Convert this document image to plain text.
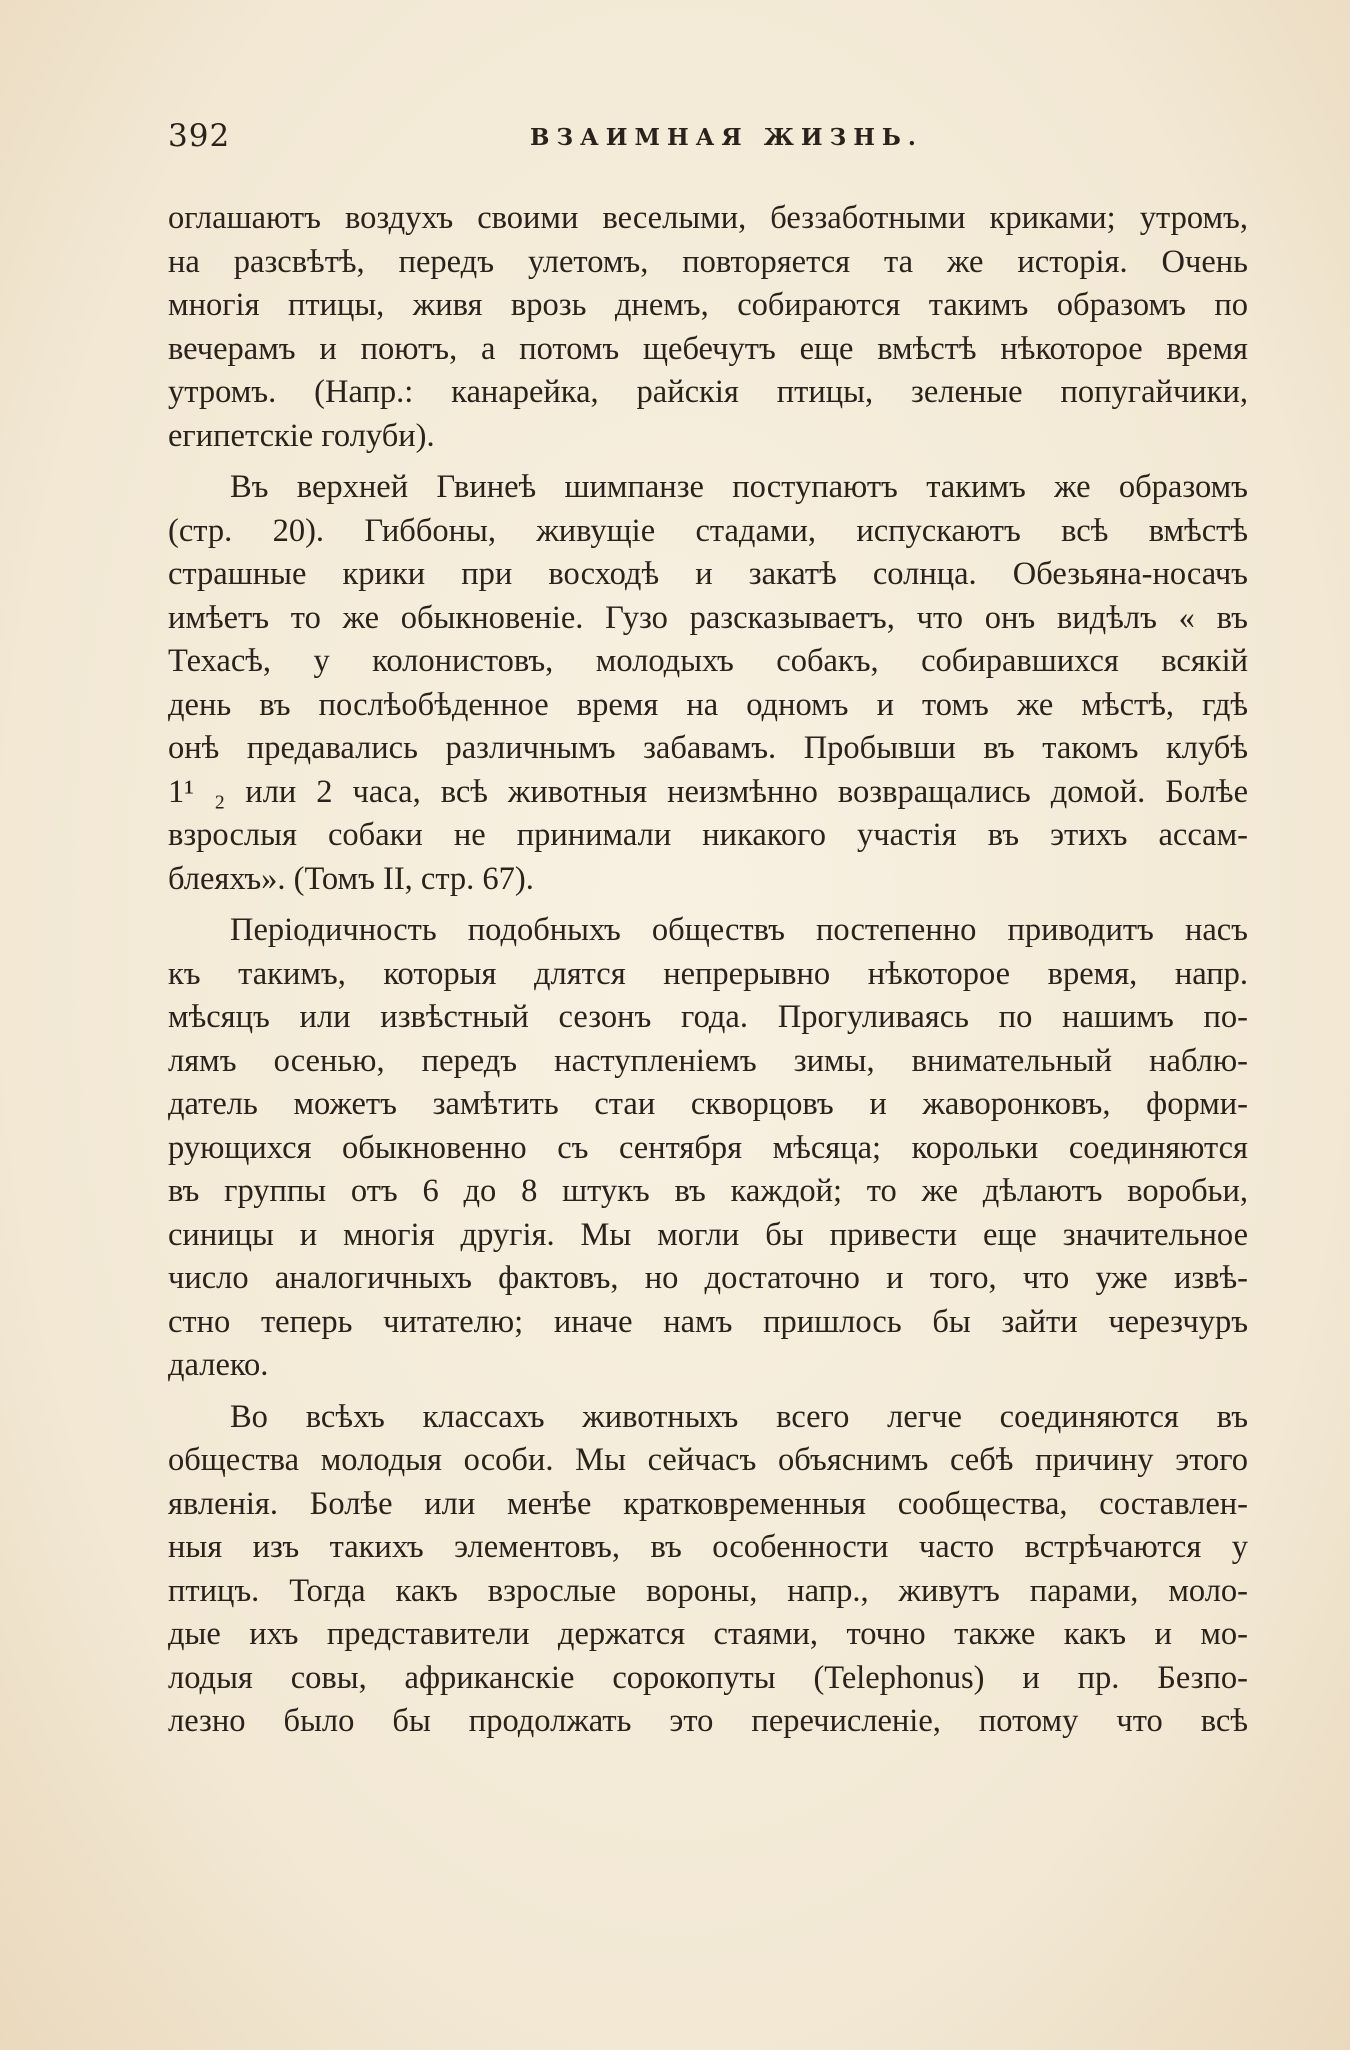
392	ВЗАИМНАЯ ЖИЗНЬ.
оглашаютъ воздухъ своими веселыми, беззаботными криками; утромъ,
на разсвѣтѣ, передъ улетомъ, повторяется та же исторія. Очень
многія птицы, живя врозь днемъ, собираются такимъ образомъ по
вечерамъ и поютъ, а потомъ щебечутъ еще вмѣстѣ нѣкоторое время
утромъ. (Напр.: канарейка, райскія птицы, зеленые попугайчики,
египетскіе голуби).
Въ верхней Гвинеѣ шимпанзе поступаютъ такимъ же образомъ
(стр. 20). Гиббоны, живущіе стадами, испускаютъ всѣ вмѣстѣ
страшные крики при восходѣ и закатѣ солнца. Обезьяна-носачъ
имѣетъ то же обыкновеніе. Гузо разсказываетъ, что онъ видѣлъ « въ
Техасѣ, у колонистовъ, молодыхъ собакъ, собиравшихся всякій
день въ послѣобѣденное время на одномъ и томъ же мѣстѣ, гдѣ
онѣ предавались различнымъ забавамъ. Пробывши въ такомъ клубѣ
1¹ ₂ или 2 часа, всѣ животныя неизмѣнно возвращались домой. Болѣе
взрослыя собаки не принимали никакого участія въ этихъ ассам-
блеяхъ». (Томъ II, стр. 67).
Періодичность подобныхъ обществъ постепенно приводитъ насъ
къ такимъ, которыя длятся непрерывно нѣкоторое время, напр.
мѣсяцъ или извѣстный сезонъ года. Прогуливаясь по нашимъ по-
лямъ осенью, передъ наступленіемъ зимы, внимательный наблю-
датель можетъ замѣтить стаи скворцовъ и жаворонковъ, форми-
рующихся обыкновенно съ сентября мѣсяца; корольки соединяются
въ группы отъ 6 до 8 штукъ въ каждой; то же дѣлаютъ воробьи,
синицы и многія другія. Мы могли бы привести еще значительное
число аналогичныхъ фактовъ, но достаточно и того, что уже извѣ-
стно теперь читателю; иначе намъ пришлось бы зайти черезчуръ
далеко.
Во всѣхъ классахъ животныхъ всего легче соединяются въ
общества молодыя особи. Мы сейчасъ объяснимъ себѣ причину этого
явленія. Болѣе или менѣе кратковременныя сообщества, составлен-
ныя изъ такихъ элементовъ, въ особенности часто встрѣчаются у
птицъ. Тогда какъ взрослые вороны, напр., живутъ парами, моло-
дые ихъ представители держатся стаями, точно также какъ и мо-
лодыя совы, африканскіе сорокопуты (Telephonus) и пр. Безпо-
лезно было бы продолжать это перечисленіе, потому что всѣ
